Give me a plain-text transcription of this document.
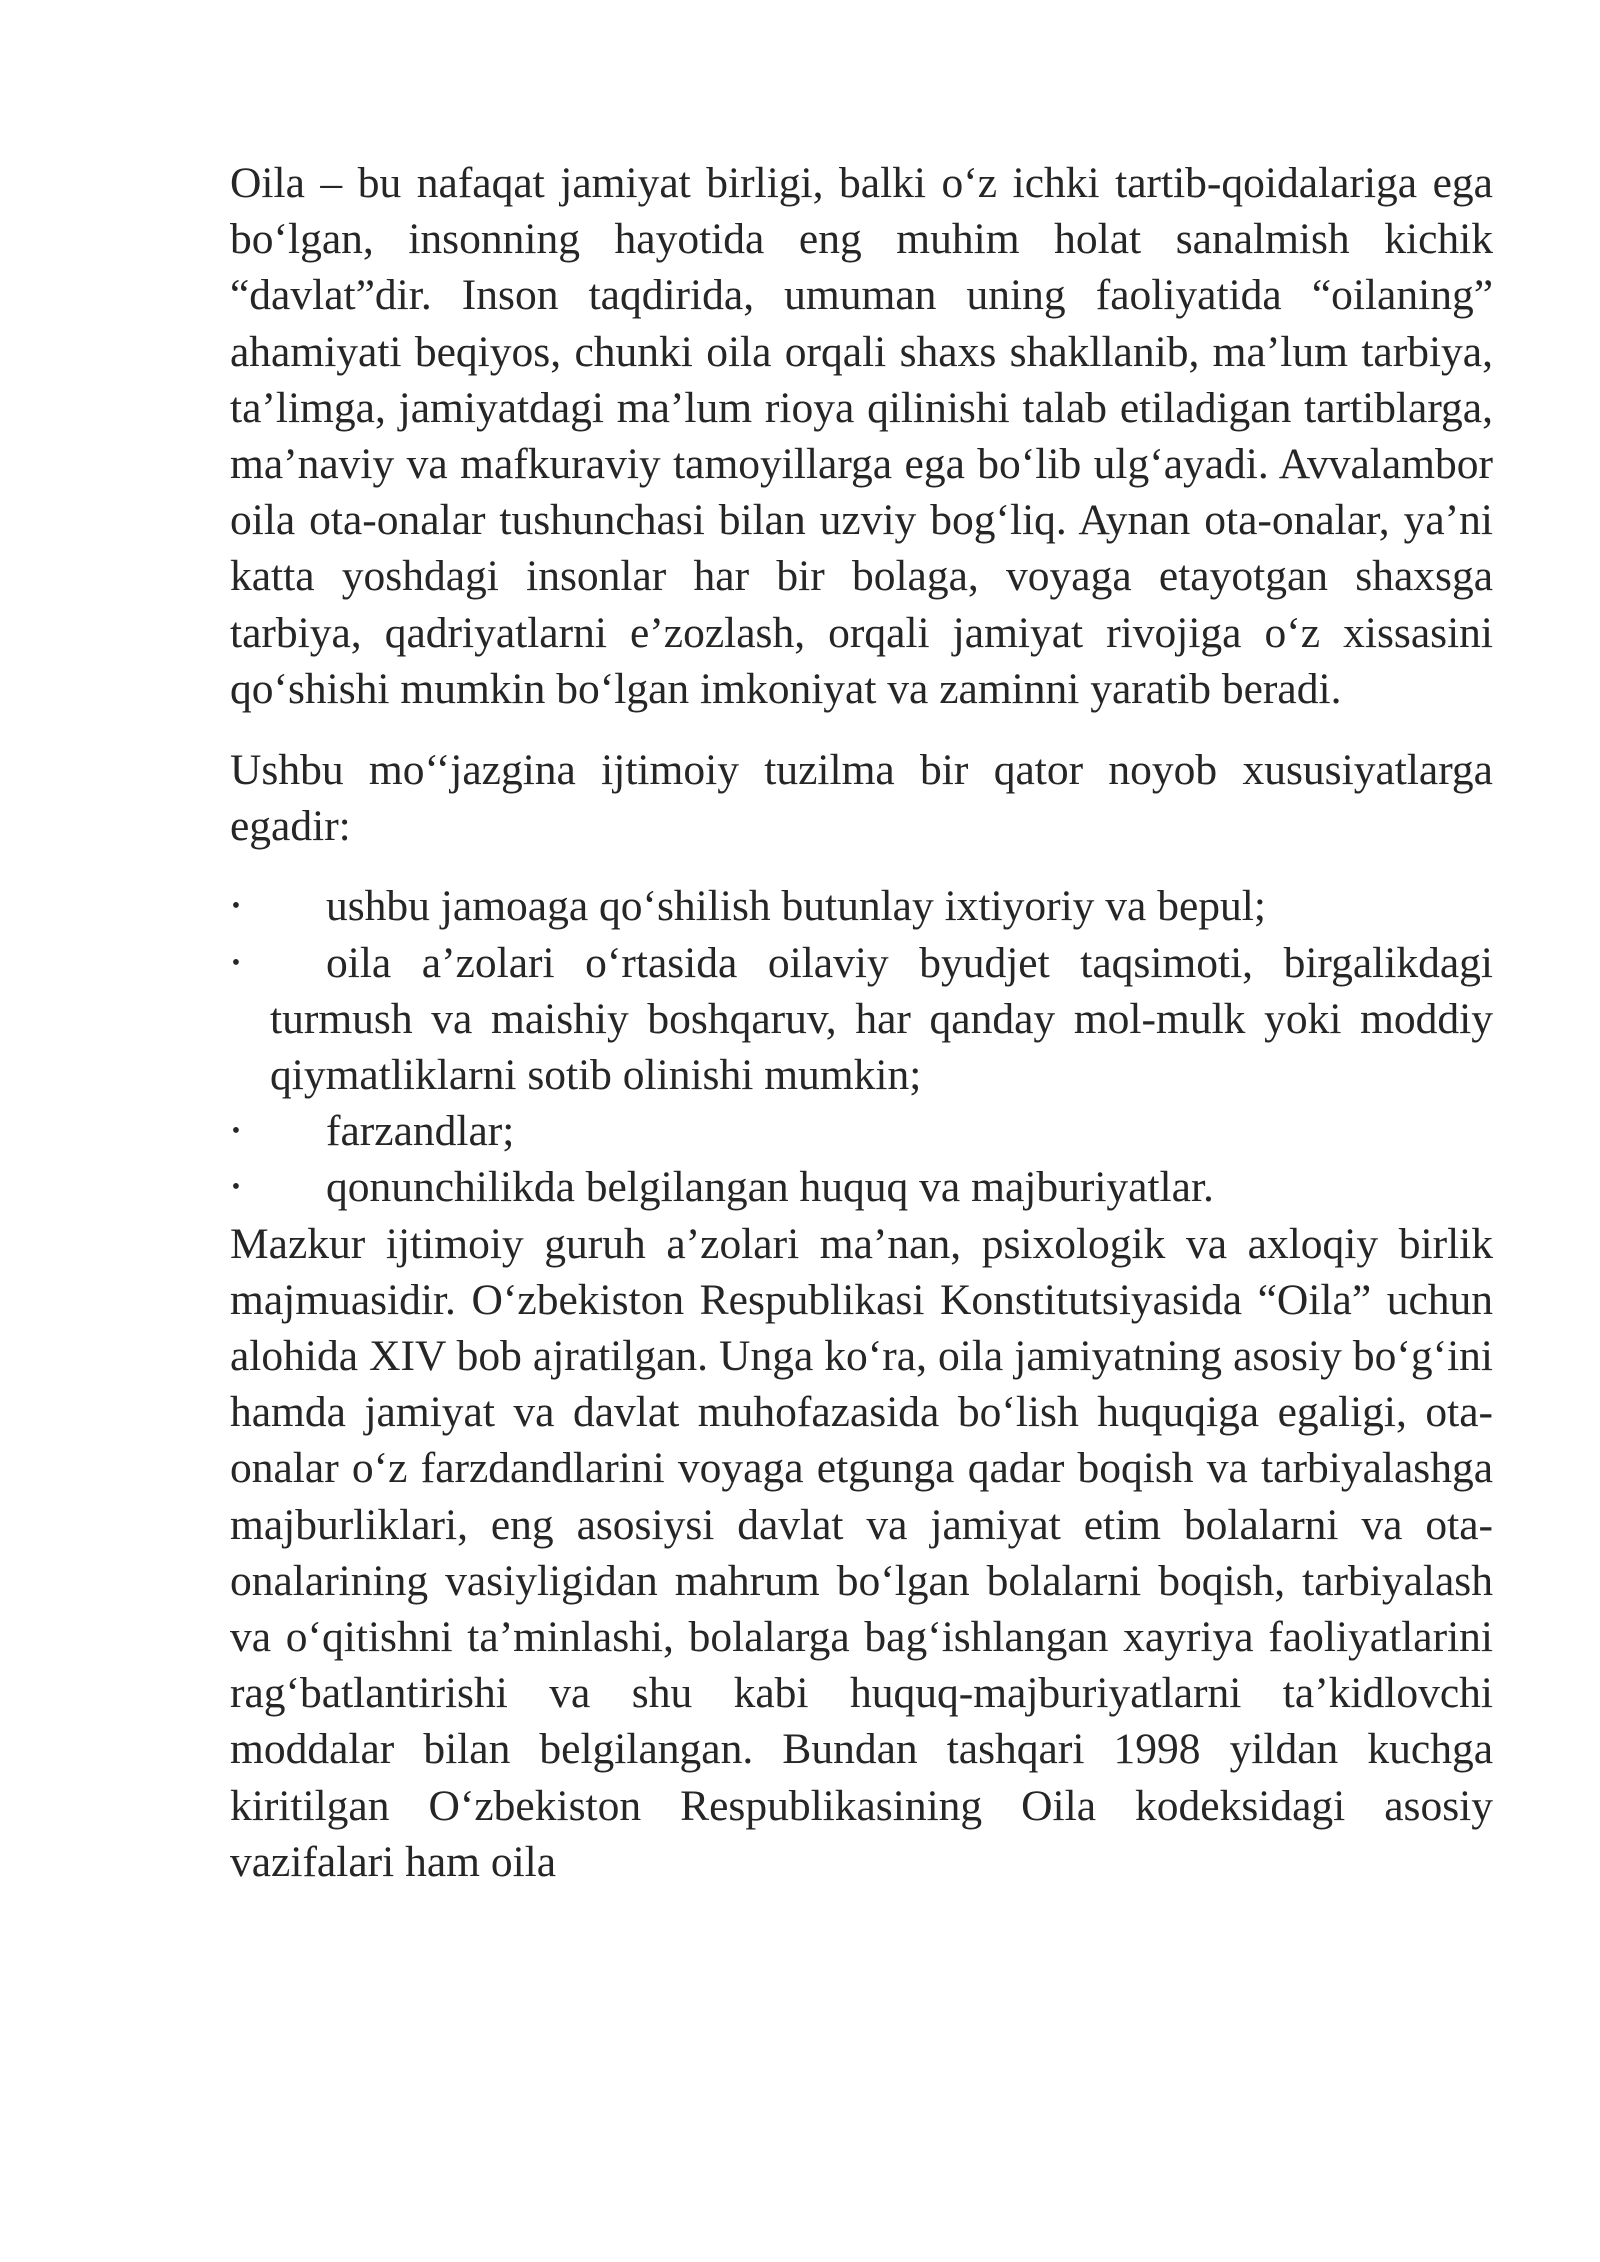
Oila – bu nafaqat jamiyat birligi, balki o‘z ichki tartib-qoidalariga ega bo‘lgan, insonning hayotida eng muhim holat sanalmish kichik “davlat”dir. Inson taqdirida, umuman uning faoliyatida “oilaning” ahamiyati beqiyos, chunki oila orqali shaxs shakllanib, ma’lum tarbiya, ta’limga, jamiyatdagi ma’lum rioya qilinishi talab etiladigan tartiblarga, ma’naviy va mafkuraviy tamoyillarga ega bo‘lib ulg‘ayadi. Avvalambor oila ota-onalar tushunchasi bilan uzviy bog‘liq. Aynan ota-onalar, ya’ni katta yoshdagi insonlar har bir bolaga, voyaga etayotgan shaxsga tarbiya, qadriyatlarni e’zozlash, orqali jamiyat rivojiga o‘z xissasini qo‘shishi mumkin bo‘lgan imkoniyat va zaminni yaratib beradi.

Ushbu mo‘‘jazgina ijtimoiy tuzilma bir qator noyob xususiyatlarga egadir:

• ushbu jamoaga qo‘shilish butunlay ixtiyoriy va bepul;
• oila a’zolari o‘rtasida oilaviy byudjet taqsimoti, birgalikdagi turmush va maishiy boshqaruv, har qanday mol-mulk yoki moddiy qiymatliklarni sotib olinishi mumkin;
• farzandlar;
• qonunchilikda belgilangan huquq va majburiyatlar.

Mazkur ijtimoiy guruh a’zolari ma’nan, psixologik va axloqiy birlik majmuasidir. O‘zbekiston Respublikasi Konstitutsiyasida “Oila” uchun alohida XIV bob ajratilgan. Unga ko‘ra, oila jamiyatning asosiy bo‘g‘ini hamda jamiyat va davlat muhofazasida bo‘lish huquqiga egaligi, ota-onalar o‘z farzdandlarini voyaga etgunga qadar boqish va tarbiyalashga majburliklari, eng asosiysi davlat va jamiyat etim bolalarni va ota-onalarining vasiyligidan mahrum bo‘lgan bolalarni boqish, tarbiyalash va o‘qitishni ta’minlashi, bolalarga bag‘ishlangan xayriya faoliyatlarini rag‘batlantirishi va shu kabi huquq-majburiyatlarni ta’kidlovchi moddalar bilan belgilangan. Bundan tashqari 1998 yildan kuchga kiritilgan O‘zbekiston Respublikasining Oila kodeksidagi asosiy vazifalari ham oila
